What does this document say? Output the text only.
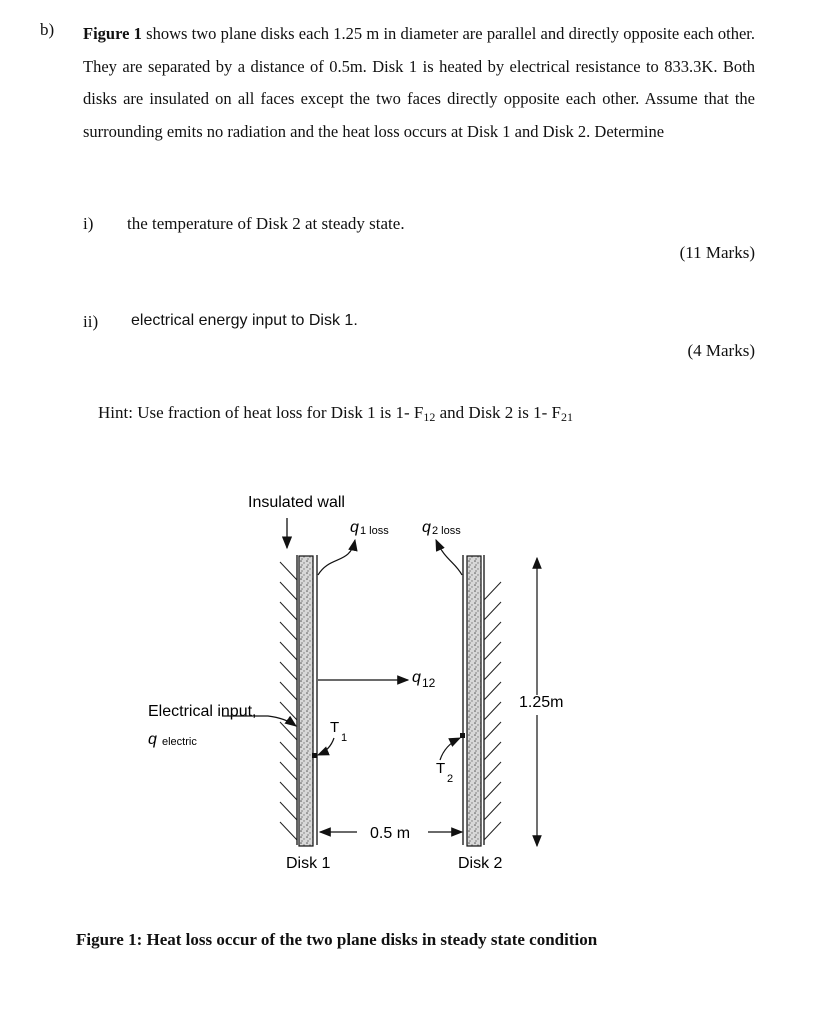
b) Figure 1 shows two plane disks each 1.25 m in diameter are parallel and directly opposite each other. They are separated by a distance of 0.5m. Disk 1 is heated by electrical resistance to 833.3K. Both disks are insulated on all faces except the two faces directly opposite each other. Assume that the surrounding emits no radiation and the heat loss occurs at Disk 1 and Disk 2. Determine
i) the temperature of Disk 2 at steady state.
(11 Marks)
ii) electrical energy input to Disk 1.
(4 Marks)
Hint: Use fraction of heat loss for Disk 1 is 1- $F_{12}$ and Disk 2 is 1- $F_{21}$
Insulated wall
q 1 loss q 2 loss
q 12
Electrical input,
q electric
T
1
T
2
0.5 m
1.25m
Disk 1	Disk 2
Figure 1: Heat loss occur of the two plane disks in steady state condition
